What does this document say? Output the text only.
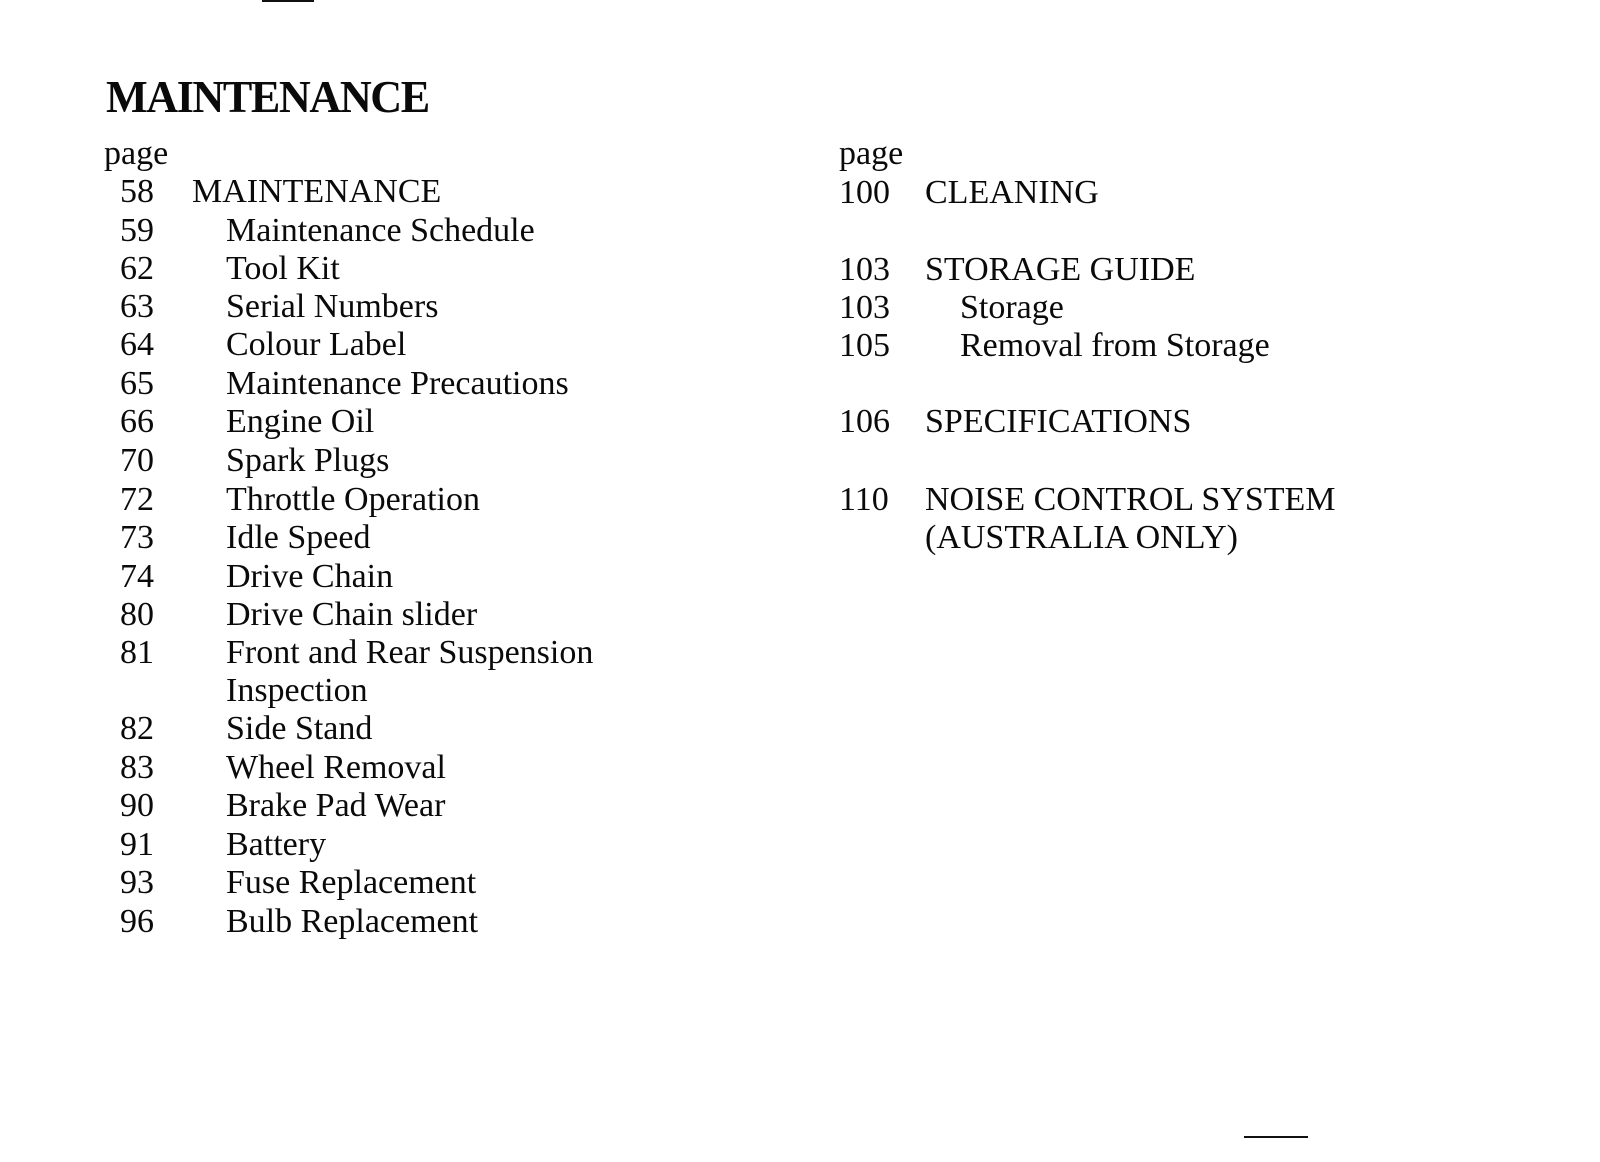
MAINTENANCE
page
58 MAINTENANCE
59 Maintenance Schedule
62 Tool Kit
63 Serial Numbers
64 Colour Label
65 Maintenance Precautions
66 Engine Oil
70 Spark Plugs
72 Throttle Operation
73 Idle Speed
74 Drive Chain
80 Drive Chain slider
81 Front and Rear Suspension
Inspection
82 Side Stand
83 Wheel Removal
90 Brake Pad Wear
91 Battery
93 Fuse Replacement
96 Bulb Replacement
page
100 CLEANING
103 STORAGE GUIDE
103 Storage
105 Removal from Storage
106 SPECIFICATIONS
110 NOISE CONTROL SYSTEM
(AUSTRALIA ONLY)
